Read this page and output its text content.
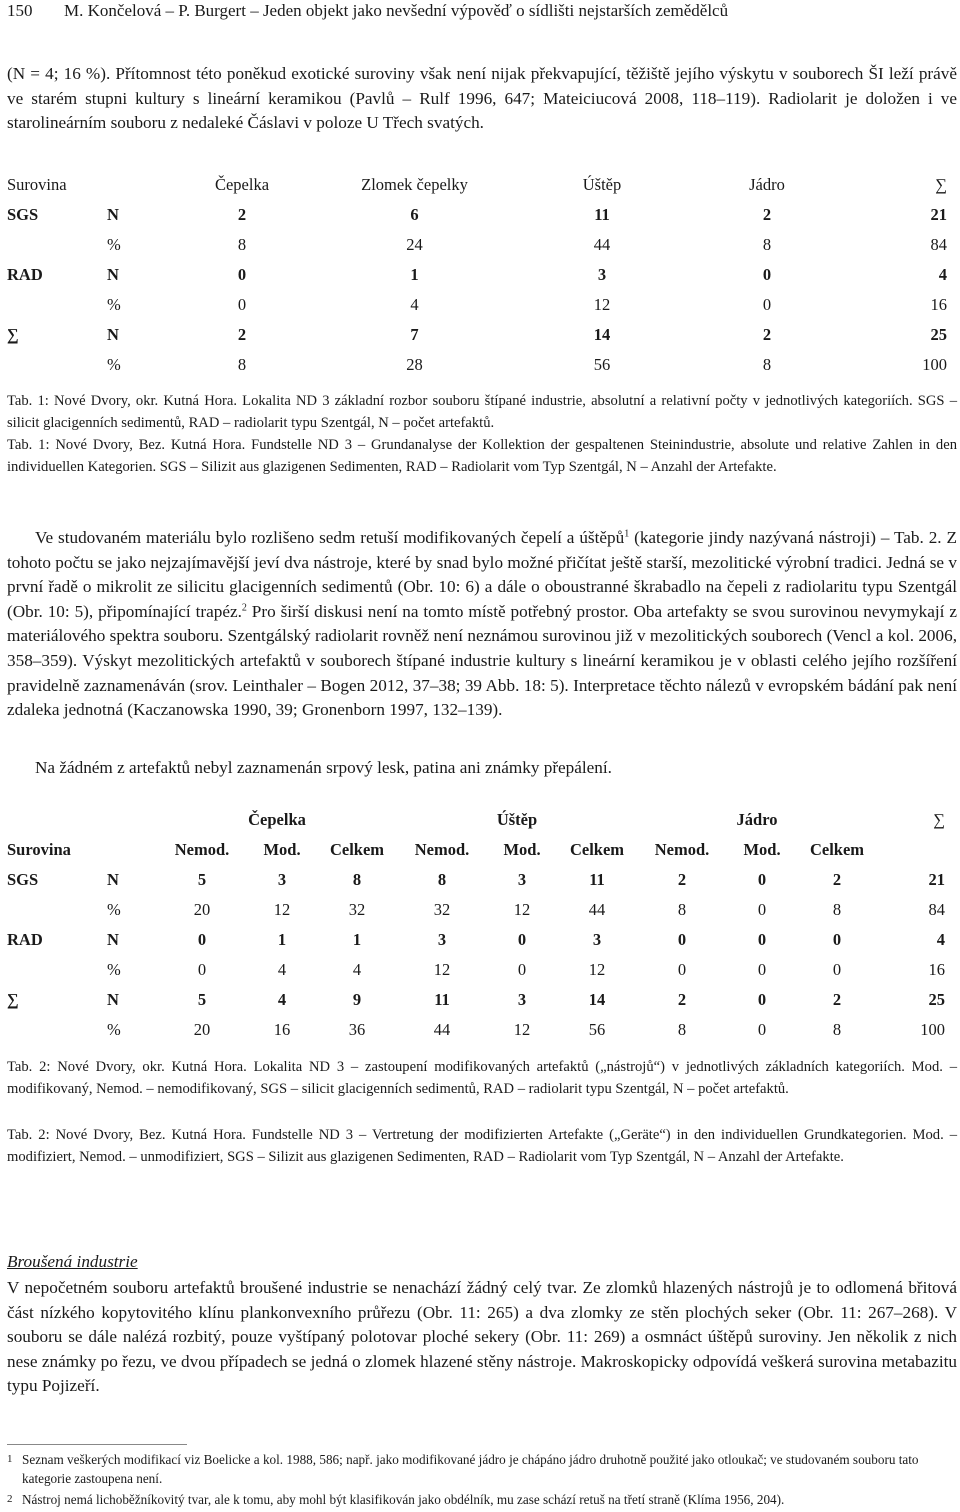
150 M. Končelová – P. Burgert – Jeden objekt jako nevšední výpověď o sídlišti nejstarších zemědělců

(N = 4; 16 %). Přítomnost této poněkud exotické suroviny však není nijak překvapující, těžiště jejího výskytu v souborech ŠI leží právě ve starém stupni kultury s lineární keramikou (Pavlů – Rulf 1996, 647; Mateiciucová 2008, 118–119). Radiolarit je doložen i ve starolineárním souboru z nedaleké Čáslavi v poloze U Třech svatých.

Surovina		Čepelka	Zlomek čepelky	Úštěp	Jádro	∑
SGS	N	2	6	11	2	21
	%	8	24	44	8	84
RAD	N	0	1	3	0	4
	%	0	4	12	0	16
∑	N	2	7	14	2	25
	%	8	28	56	8	100

Tab. 1: Nové Dvory, okr. Kutná Hora. Lokalita ND 3 základní rozbor souboru štípané industrie, absolutní a relativní počty v jednotlivých kategoriích. SGS – silicit glacigenních sedimentů, RAD – radiolarit typu Szentgál, N – počet artefaktů.

Tab. 1: Nové Dvory, Bez. Kutná Hora. Fundstelle ND 3 – Grundanalyse der Kollektion der gespaltenen Steinindustrie, absolute und relative Zahlen in den individuellen Kategorien. SGS – Silizit aus glazigenen Sedimenten, RAD – Radiolarit vom Typ Szentgál, N – Anzahl der Artefakte.

Ve studovaném materiálu bylo rozlišeno sedm retuší modifikovaných čepelí a úštěpů$^1$ (kategorie jindy nazývaná nástroji) – Tab. 2. Z tohoto počtu se jako nejzajímavější jeví dva nástroje, které by snad bylo možné přičítat ještě starší, mezolitické výrobní tradici. Jedná se v první řadě o mikrolit ze silicitu glacigenních sedimentů (Obr. 10: 6) a dále o oboustranné škrabadlo na čepeli z radiolaritu typu Szentgál (Obr. 10: 5), připomínající trapéz.$^2$ Pro širší diskusi není na tomto místě potřebný prostor. Oba artefakty se svou surovinou nevymykají z materiálového spektra souboru. Szentgálský radiolarit rovněž není neznámou surovinou již v mezolitických souborech (Vencl a kol. 2006, 358–359). Výskyt mezolitických artefaktů v souborech štípané industrie kultury s lineární keramikou je v oblasti celého jejího rozšíření pravidelně zaznamenáván (srov. Leinthaler – Bogen 2012, 37–38; 39 Abb. 18: 5). Interpretace těchto nálezů v evropském bádání pak není zdaleka jednotná (Kaczanowska 1990, 39; Gronenborn 1997, 132–139).

Na žádném z artefaktů nebyl zaznamenán srpový lesk, patina ani známky přepálení.

		Čepelka			Úštěp			Jádro			∑
Surovina		Nemod.	Mod.	Celkem	Nemod.	Mod.	Celkem	Nemod.	Mod.	Celkem	
SGS	N	5	3	8	8	3	11	2	0	2	21
	%	20	12	32	32	12	44	8	0	8	84
RAD	N	0	1	1	3	0	3	0	0	0	4
	%	0	4	4	12	0	12	0	0	0	16
∑	N	5	4	9	11	3	14	2	0	2	25
	%	20	16	36	44	12	56	8	0	8	100

Tab. 2: Nové Dvory, okr. Kutná Hora. Lokalita ND 3 – zastoupení modifikovaných artefaktů („nástrojů“) v jednotlivých základních kategoriích. Mod. – modifikovaný, Nemod. – nemodifikovaný, SGS – silicit glacigenních sedimentů, RAD – radiolarit typu Szentgál, N – počet artefaktů.

Tab. 2: Nové Dvory, Bez. Kutná Hora. Fundstelle ND 3 – Vertretung der modifizierten Artefakte („Geräte“) in den individuellen Grundkategorien. Mod. – modifiziert, Nemod. – unmodifiziert, SGS – Silizit aus glazigenen Sedimenten, RAD – Radiolarit vom Typ Szentgál, N – Anzahl der Artefakte.

Broušená industrie

V nepočetném souboru artefaktů broušené industrie se nenachází žádný celý tvar. Ze zlomků hlazených nástrojů je to odlomená břitová část nízkého kopytovitého klínu plankonvexního průřezu (Obr. 11: 265) a dva zlomky ze stěn plochých seker (Obr. 11: 267–268). V souboru se dále nalézá rozbitý, pouze vyštípaný polotovar ploché sekery (Obr. 11: 269) a osmnáct úštěpů suroviny. Jen několik z nich nese známky po řezu, ve dvou případech se jedná o zlomek hlazené stěny nástroje. Makroskopicky odpovídá veškerá surovina metabazitu typu Pojizeří.

1 Seznam veškerých modifikací viz Boelicke a kol. 1988, 586; např. jako modifikované jádro je chápáno jádro druhotně použité jako otloukač; ve studovaném souboru tato kategorie zastoupena není.
2 Nástroj nemá lichoběžníkovitý tvar, ale k tomu, aby mohl být klasifikován jako obdélník, mu zase schází retuš na třetí straně (Klíma 1956, 204).
